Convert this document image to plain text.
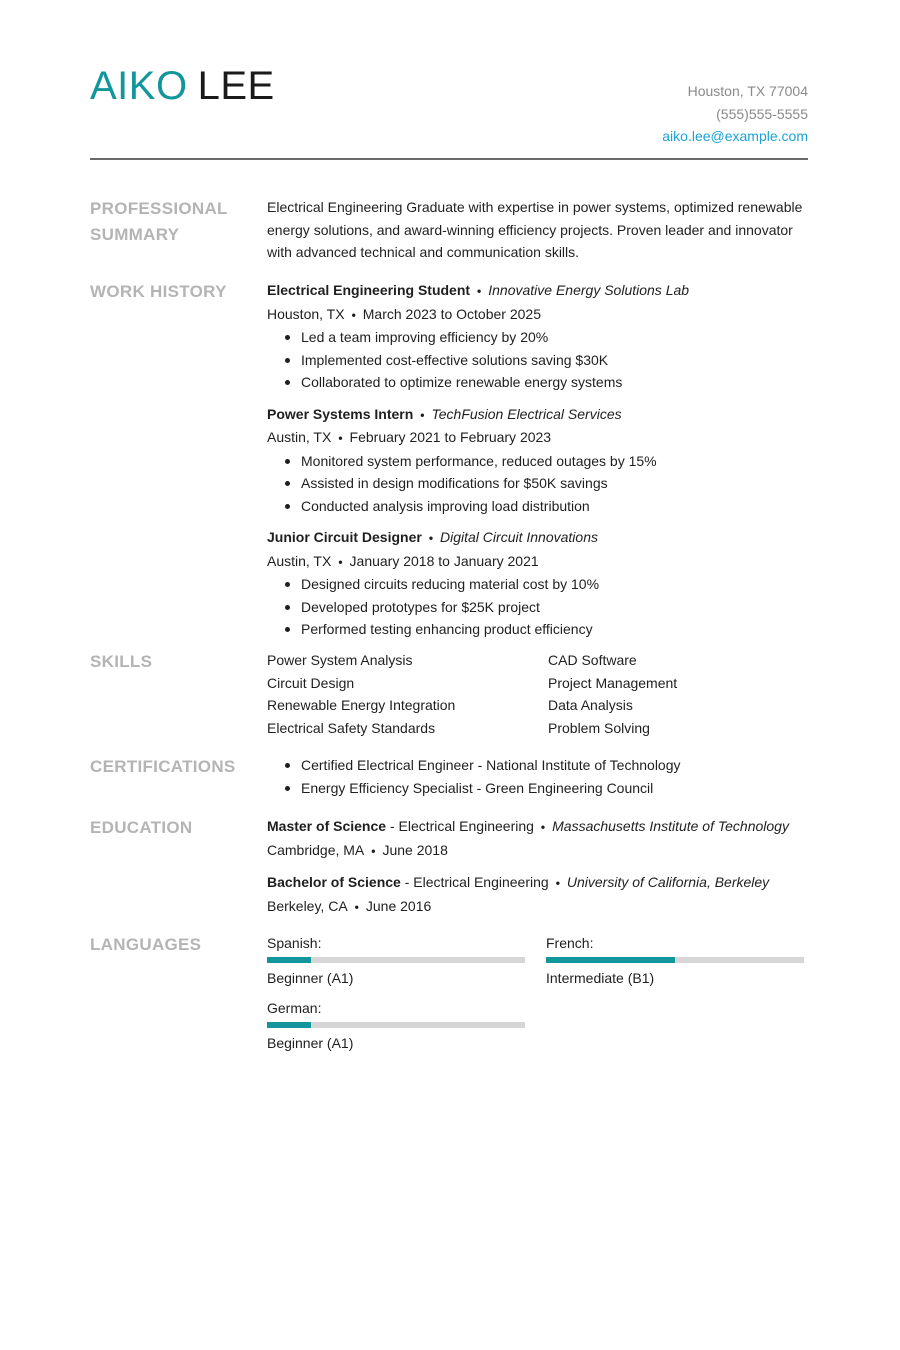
AIKO LEE	Houston, TX 77004
(555)555-5555
aiko.lee@example.com
PROFESSIONAL SUMMARY
Electrical Engineering Graduate with expertise in power systems, optimized renewable energy solutions, and award-winning efficiency projects. Proven leader and innovator with advanced technical and communication skills.
WORK HISTORY	Electrical Engineering Student • Innovative Energy Solutions Lab
Houston, TX • March 2023 to October 2025
Led a team improving efficiency by 20%
Implemented cost-effective solutions saving $30K
Collaborated to optimize renewable energy systems
Power Systems Intern • TechFusion Electrical Services
Austin, TX • February 2021 to February 2023
Monitored system performance, reduced outages by 15%
Assisted in design modifications for $50K savings
Conducted analysis improving load distribution
Junior Circuit Designer • Digital Circuit Innovations
Austin, TX • January 2018 to January 2021
Designed circuits reducing material cost by 10%
Developed prototypes for $25K project
Performed testing enhancing product efficiency
SKILLS	Power System Analysis	CAD Software
Circuit Design	Project Management
Renewable Energy Integration	Data Analysis
Electrical Safety Standards	Problem Solving
CERTIFICATIONS	Certified Electrical Engineer - National Institute of Technology
Energy Efficiency Specialist - Green Engineering Council
EDUCATION	Master of Science - Electrical Engineering • Massachusetts Institute of Technology
Cambridge, MA • June 2018
Bachelor of Science - Electrical Engineering • University of California, Berkeley
Berkeley, CA • June 2016
LANGUAGES	Spanish:
Beginner (A1)
French:
Intermediate (B1)
German:
Beginner (A1)
